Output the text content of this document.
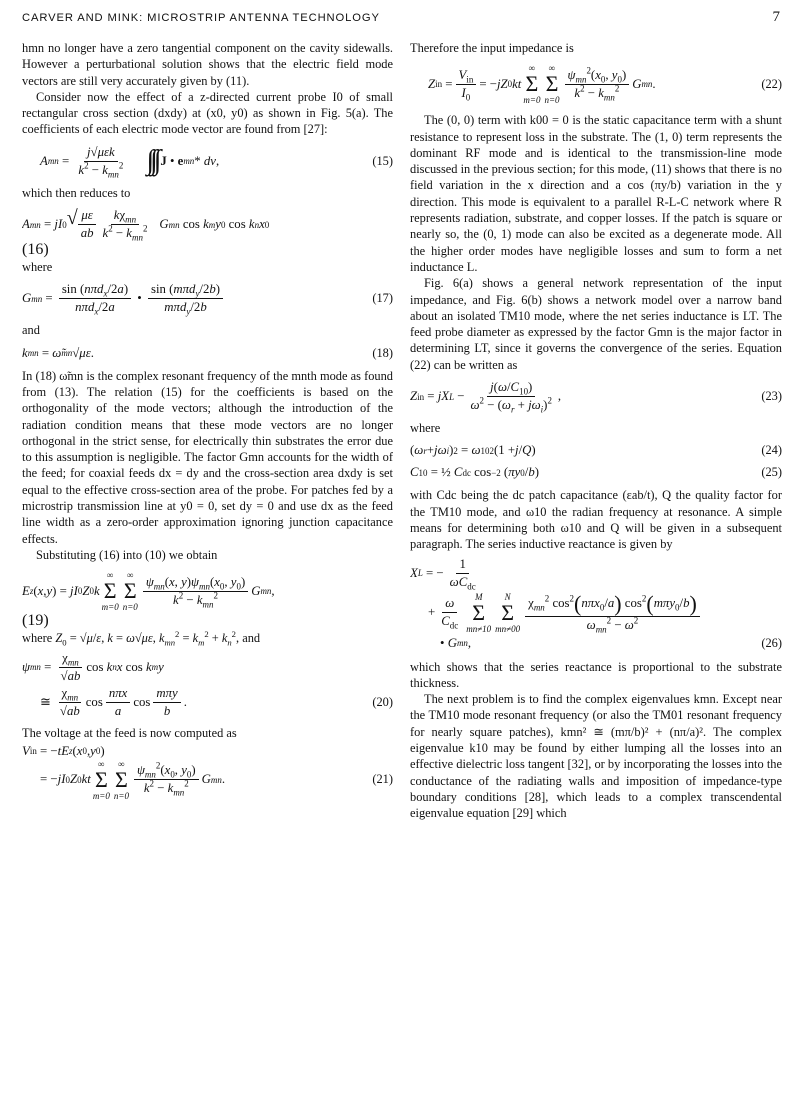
CARVER AND MINK: MICROSTRIP ANTENNA TECHNOLOGY	7

hmn no longer have a zero tangential component on the cavity sidewalls. However a perturbational solution shows that the electric field mode vectors are still very accurately given by (11).

Consider now the effect of a z-directed current probe I0 of small rectangular cross section (dxdy) at (x0, y0) as shown in Fig. 5(a). The coefficients of each electric mode vector are found from [27]:

A mn = $\frac{\text{j√μεk}}{k^2 - k_{mn}^2}$ ∫∫∫ J • e mn * dv ,	(15)

which then reduces to

A mn = jI 0 √ $\frac{\mu\varepsilon}{ab} \frac{k\chi_{mn}}{k^2 - k_{mn}^2}$ G mn cos k m y 0 cos k n x 0
(16)

where

G mn = $\frac{\sin (n\pi d_x/2a)}{n\pi d_x/2a}$ • $\frac{\sin (m\pi d_y/2b)}{m\pi d_y/2b}$	(17)

and

k mn = ω̃ mn √ με .	(18)

In (18) ω̃mn is the complex resonant frequency of the mnth mode as found from (13). The relation (15) for the coefficients is based on the orthogonality of the mode vectors; although the introduction of the radiation condition means that these mode vectors are no longer orthogonal in the strict sense, for electrically thin substrates the error due to this assumption is negligible. The factor Gmn accounts for the width of the feed; for coaxial feeds dx = dy and the cross-section area dxdy is set equal to the effective cross-section area of the probe. For patches fed by a microstrip transmission line at y0 = 0, set dy = 0 and use dx as the feed line width as a zero-order approximation ignoring junction capacitance effects.

Substituting (16) into (10) we obtain

E z ( x , y ) = jI 0 Z 0 k
∞
Σ
m=0
∞
Σ
$n=0 \frac{\psi_{mn}(x, y)\psi_{mn}(x_0, y_0)}{k^2 - k_{mn}^2}$ G mn ,
(19)

where $Z_0 = √\mu/\varepsilon$, k = ω√με, $k_{mn}^2 = k_m^2 + k_n^2$, and

ψ mn = $\frac{\chi_{mn}}{√ab}$ cos k n x cos k m y
≅ $\frac{\chi_{mn}}{√ab}$ $\cos \frac{\text{nπx}}{a}$ $\cos \frac{\text{mπy}}{b}$ .	(20)

The voltage at the feed is now computed as

V in = − tE z ( x 0 , y 0 )
= − jI 0 Z 0 kt
∞
Σ
m=0
∞
Σ
$n=0 \frac{\psi_{mn}^2(x_0, y_0)}{k^2 - k_{mn}^2}$ G mn .	(21)

Therefore the input impedance is

Z in = $\frac{V_{in}}{I_0}$ = − jZ 0 kt
∞
Σ
m=0
∞
Σ
$n=0 \frac{\psi_{mn}^2(x_0, y_0)}{k^2 - k_{mn}^2}$ G mn .	(22)

The (0, 0) term with k00 = 0 is the static capacitance term with a shunt resistance to represent loss in the substrate. The (1, 0) term represents the dominant RF mode and is identical to the transmission-line mode discussed in the previous section; for this mode, (11) shows that there is no field variation in the x direction and a cos (πy/b) variation in the y direction. This mode is equivalent to a parallel R-L-C network where R represents radiation, substrate, and copper losses. If the patch is square or nearly so, the (0, 1) mode can also be excited as a degenerate mode. All the higher order modes have negligible losses and sum to form a net inductance L.

Fig. 6(a) shows a general network representation of the input impedance, and Fig. 6(b) shows a network model over a narrow band about an isolated TM10 mode, where the net series inductance is LT. The feed probe diameter as expressed by the factor Gmn is the major factor in determining LT, since it governs the convergence of the series. Equation (22) can be written as

Z in = jX $L - \frac{j(\omega/C_{10})}{\omega^2 - (\omega_r + j\omega_i)^2}$ ,	(23)

where

( ω r + jω i ) 2 = ω 10 2 (1 + j / Q )	(24)
C 10 = ½ C dc cos −2 ( πy 0 / b )	(25)

with Cdc being the dc patch capacitance (εab/t), Q the quality factor for the TM10 mode, and ω10 the radian frequency at resonance. A simple means for determining both ω10 and Q will be given in a subsequent paragraph. The series inductive reactance is given by

X L = − $\frac{1}{\omega C_{dc}}$
+ $\frac{\omega}{C_{dc}}$ M
Σ
mn≠10
N
Σ
$mn\ne 00 \frac{\chi_{mn}^2 \cos^2(n\pi x_0/a) \cos^2(m\pi y_0/b)}{\omega_{mn}^2 - \omega^2}$
• G mn ,	(26)

which shows that the series reactance is proportional to the substrate thickness.

The next problem is to find the complex eigenvalues kmn. Except near the TM10 mode resonant frequency (or also the TM01 resonant frequency for nearly square patches), kmn² ≅ (mπ/b)² + (nπ/a)². The complex eigenvalue k10 may be found by either lumping all the losses into an effective dielectric loss tangent [32], or by incorporating the losses into the conductance of the radiating walls and imposition of impedance-type boundary conditions [28], which leads to a complex transcendental eigenvalue equation [29] which
